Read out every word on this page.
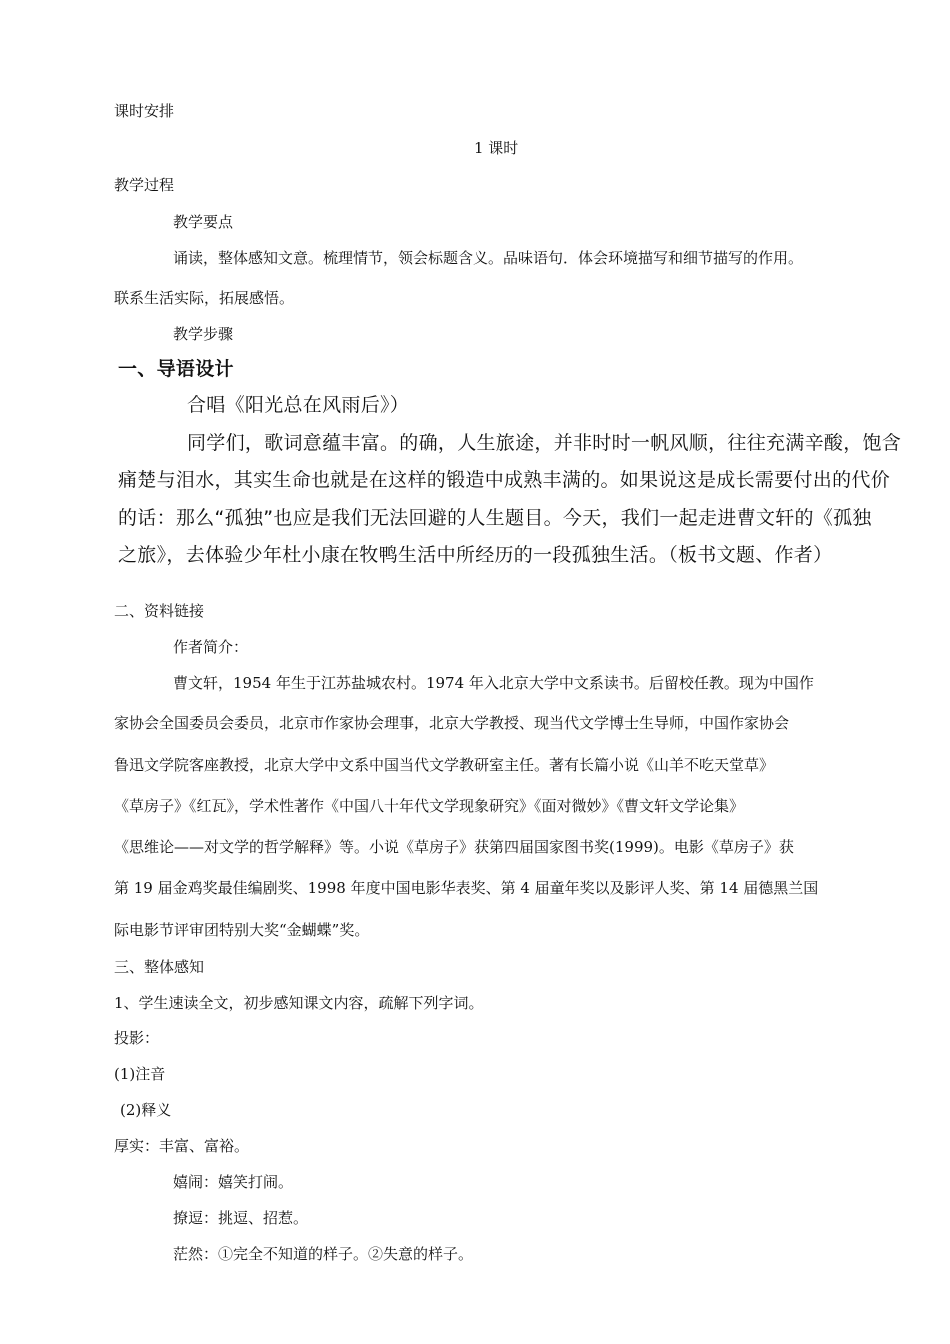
课时安排
1 课时
教学过程
教学要点
诵读，整体感知文意。梳理情节，领会标题含义。品味语句．体会环境描写和细节描写的作用。
联系生活实际，拓展感悟。
教学步骤
一、导语设计
合唱《阳光总在风雨后》）
同学们，歌词意蕴丰富。的确，人生旅途，并非时时一帆风顺，往往充满辛酸，饱含
痛楚与泪水，其实生命也就是在这样的锻造中成熟丰满的。如果说这是成长需要付出的代价
的话：那么“孤独”也应是我们无法回避的人生题目。今天，我们一起走进曹文轩的《孤独
之旅》，去体验少年杜小康在牧鸭生活中所经历的一段孤独生活。（板书文题、作者）
二、资料链接
作者简介：
曹文轩，1954 年生于江苏盐城农村。1974 年入北京大学中文系读书。后留校任教。现为中国作
家协会全国委员会委员，北京市作家协会理事，北京大学教授、现当代文学博士生导师，中国作家协会
鲁迅文学院客座教授，北京大学中文系中国当代文学教研室主任。著有长篇小说《山羊不吃天堂草》
《草房子》《红瓦》，学术性著作《中国八十年代文学现象研究》《面对微妙》《曹文轩文学论集》
《思维论——对文学的哲学解释》等。小说《草房子》获第四届国家图书奖(1999)。电影《草房子》获
第 19 届金鸡奖最佳编剧奖、1998 年度中国电影华表奖、第 4 届童年奖以及影评人奖、第 14 届德黑兰国
际电影节评审团特别大奖“金蝴蝶”奖。
三、整体感知
1、学生速读全文，初步感知课文内容，疏解下列字词。
投影：
(1)注音
(2)释义
厚实：丰富、富裕。
嬉闹：嬉笑打闹。
撩逗：挑逗、招惹。
茫然：①完全不知道的样子。②失意的样子。
